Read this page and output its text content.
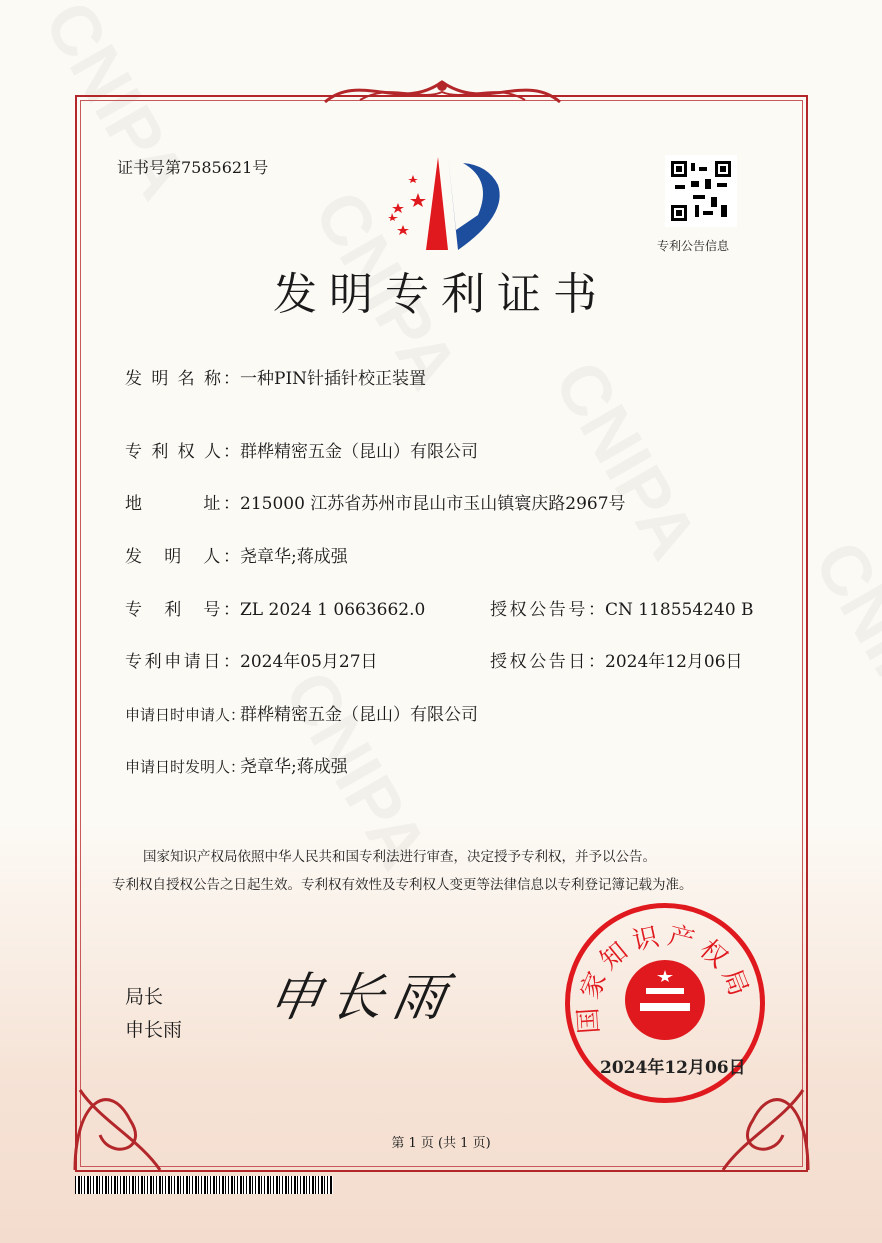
证书号第7585621号
专利公告信息
发明专利证书
发 明 名 称：一种PIN针插针校正装置
专 利 权 人：群桦精密五金（昆山）有限公司
地　　　址：215000 江苏省苏州市昆山市玉山镇寰庆路2967号
发　明　人：尧章华;蒋成强
专　利　号：ZL 2024 1 0663662.0
专利申请日：2024年05月27日
申请日时申请人：群桦精密五金（昆山）有限公司
申请日时发明人：尧章华;蒋成强
授权公告号：CN 118554240 B
授权公告日：2024年12月06日
国家知识产权局依照中华人民共和国专利法进行审查，决定授予专利权，并予以公告。
专利权自授权公告之日起生效。专利权有效性及专利权人变更等法律信息以专利登记簿记载为准。
局长
申长雨
申长雨	国家知识产权局
2024年12月06日
第 1 页 (共 1 页)
